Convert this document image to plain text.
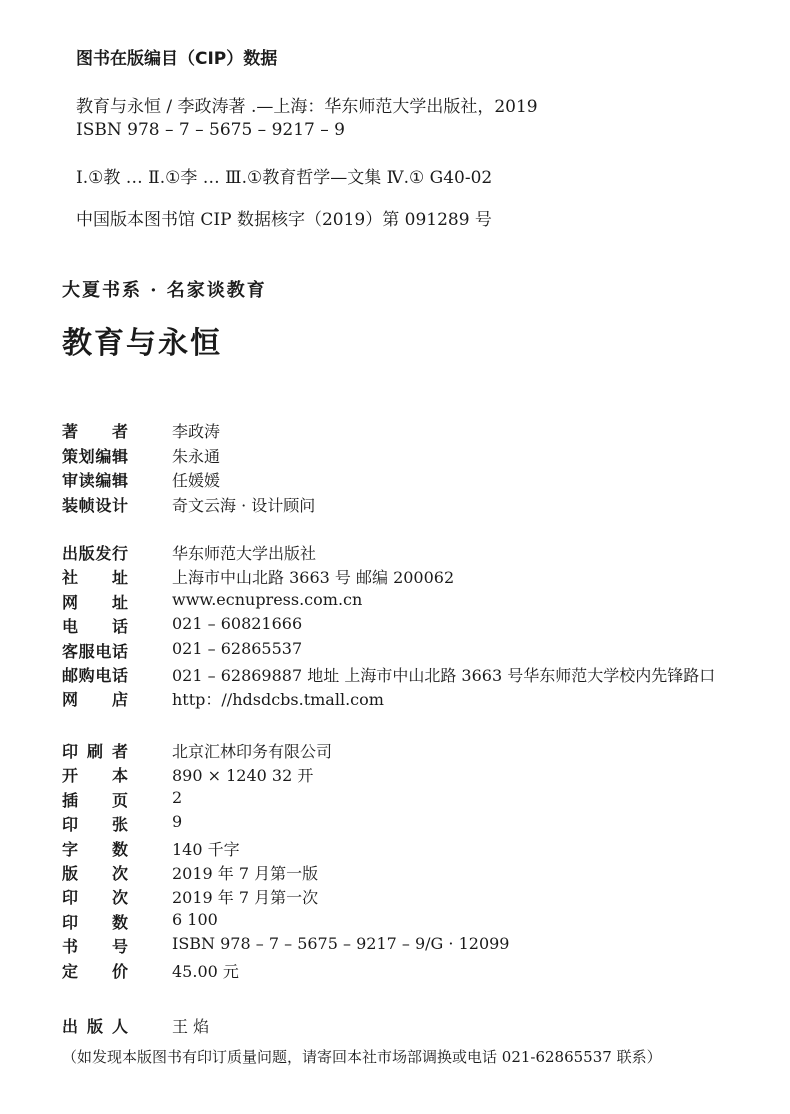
图书在版编目（CIP）数据
教育与永恒 / 李政涛著 .—上海：华东师范大学出版社，2019
ISBN 978 – 7 – 5675 – 9217 – 9
Ⅰ.①教 … Ⅱ.①李 … Ⅲ.①教育哲学—文集 Ⅳ.① G40-02
中国版本图书馆 CIP 数据核字（2019）第 091289 号
大夏书系 · 名家谈教育
教育与永恒
著 者	李政涛
策 划 编 辑	朱永通
审 读 编 辑	任媛媛
装 帧 设 计	奇文云海 · 设计顾问
出 版 发 行	华东师范大学出版社
社 址	上海市中山北路 3663 号 邮编 200062
网 址	www.ecnupress.com.cn
电 话	021 – 60821666
客 服 电 话	021 – 62865537
邮 购 电 话	021 – 62869887 地址 上海市中山北路 3663 号华东师范大学校内先锋路口
网 店	http：//hdsdcbs.tmall.com
印 刷 者	北京汇林印务有限公司
开 本	890 × 1240 32 开
插 页	2
印 张	9
字 数	140 千字
版 次	2019 年 7 月第一版
印 次	2019 年 7 月第一次
印 数	6 100
书 号	ISBN 978 – 7 – 5675 – 9217 – 9/G · 12099
定 价	45.00 元
出 版 人	王 焰
（如发现本版图书有印订质量问题，请寄回本社市场部调换或电话 021-62865537 联系）
